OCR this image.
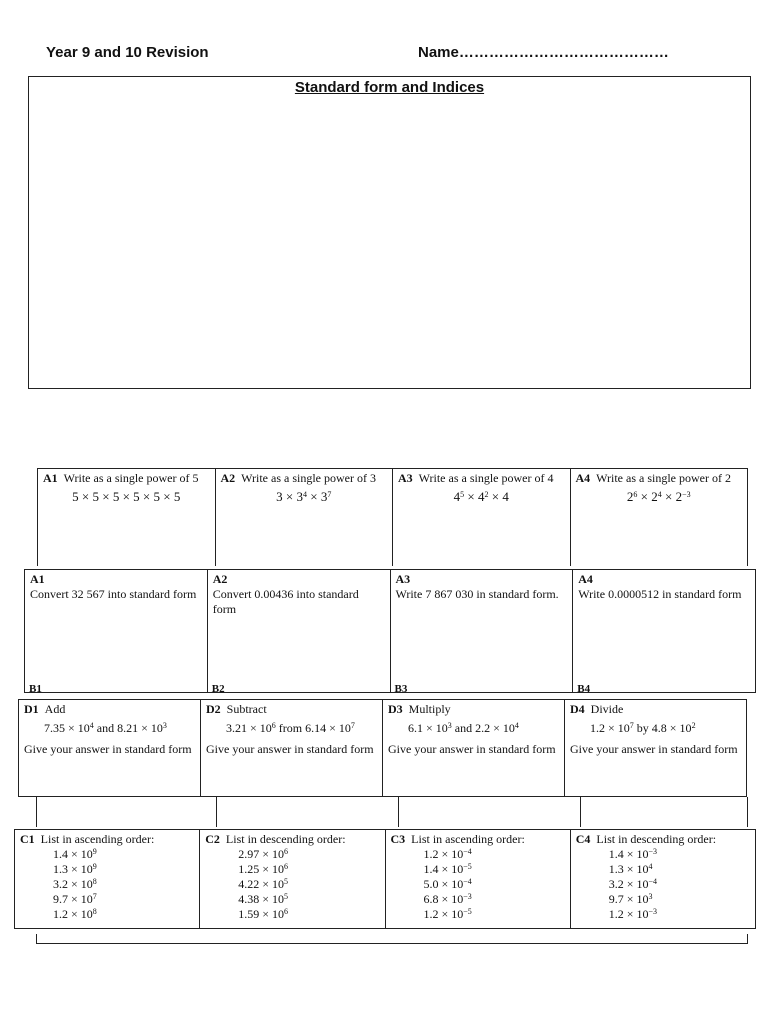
Year 9 and 10 Revision	Name……………………………………
Standard form and Indices
A1 Write as a single power of 5
5 × 5 × 5 × 5 × 5 × 5
A2 Write as a single power of 3
$3 \times 3^4 \times 3^7$
A3 Write as a single power of 4
$4^5 \times 4^2 \times 4$
A4 Write as a single power of 2
$2^6 \times 2^4 \times 2^{-3}$
A1
Convert 32 567 into standard form
B1
A2
Convert 0.00436 into standard form
B2
A3
Write 7 867 030 in standard form.
B3
A4
Write 0.0000512 in standard form
B4
D1 Add
$7.35 \times 10^4$ and $8.21 \times 10^3$
Give your answer in standard form
D2 Subtract
$3.21 \times 10^6$ from $6.14 \times 10^7$
Give your answer in standard form
D3 Multiply
$6.1 \times 10^3$ and $2.2 \times 10^4$
Give your answer in standard form
D4 Divide
$1.2 \times 10^7$ by $4.8 \times 10^2$
Give your answer in standard form
C1 List in ascending order:
$1.4 \times 10^9$
$1.3 \times 10^9$
$3.2 \times 10^8$
$9.7 \times 10^7$
$1.2 \times 10^8$
C2 List in descending order:
$2.97 \times 10^6$
$1.25 \times 10^6$
$4.22 \times 10^5$
$4.38 \times 10^5$
$1.59 \times 10^6$
C3 List in ascending order:
$1.2 \times 10^{-4}$
$1.4 \times 10^{-5}$
$5.0 \times 10^{-4}$
$6.8 \times 10^{-3}$
$1.2 \times 10^{-5}$
C4 List in descending order:
$1.4 \times 10^{-3}$
$1.3 \times 10^4$
$3.2 \times 10^{-4}$
$9.7 \times 10^3$
$1.2 \times 10^{-3}$
